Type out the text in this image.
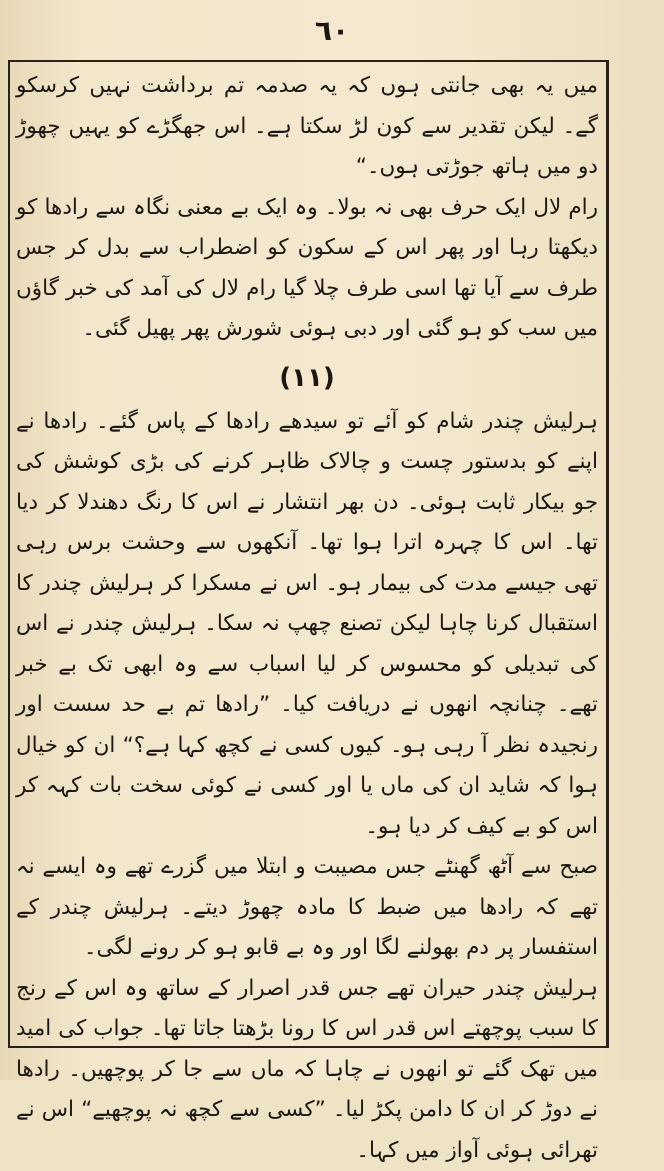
٦٠

میں یہ بھی جانتی ہوں کہ یہ صدمہ تم برداشت نہیں کرسکو گے۔ لیکن تقدیر سے کون لڑ سکتا ہے۔ اس جھگڑے کو یہیں چھوڑ دو میں ہاتھ جوڑتی ہوں۔“

رام لال ایک حرف بھی نہ بولا۔ وہ ایک بے معنی نگاہ سے رادھا کو دیکھتا رہا اور پھر اس کے سکون کو اضطراب سے بدل کر جس طرف سے آیا تھا اسی طرف چلا گیا رام لال کی آمد کی خبر گاؤں میں سب کو ہو گئی اور دبی ہوئی شورش پھر پھیل گئی۔

(۱۱)

ہرلیش چندر شام کو آئے تو سیدھے رادھا کے پاس گئے۔ رادھا نے اپنے کو بدستور چست و چالاک ظاہر کرنے کی بڑی کوشش کی جو بیکار ثابت ہوئی۔ دن بھر انتشار نے اس کا رنگ دھندلا کر دیا تھا۔ اس کا چہرہ اترا ہوا تھا۔ آنکھوں سے وحشت برس رہی تھی جیسے مدت کی بیمار ہو۔ اس نے مسکرا کر ہرلیش چندر کا استقبال کرنا چاہا لیکن تصنع چھپ نہ سکا۔ ہرلیش چندر نے اس کی تبدیلی کو محسوس کر لیا اسباب سے وہ ابھی تک بے خبر تھے۔ چنانچہ انھوں نے دریافت کیا۔ ”رادھا تم بے حد سست اور رنجیدہ نظر آ رہی ہو۔ کیوں کسی نے کچھ کہا ہے؟“ ان کو خیال ہوا کہ شاید ان کی ماں یا اور کسی نے کوئی سخت بات کہہ کر اس کو بے کیف کر دیا ہو۔

صبح سے آٹھ گھنٹے جس مصیبت و ابتلا میں گزرے تھے وہ ایسے نہ تھے کہ رادھا میں ضبط کا مادہ چھوڑ دیتے۔ ہرلیش چندر کے استفسار پر دم بھولنے لگا اور وہ بے قابو ہو کر رونے لگی۔

ہرلیش چندر حیران تھے جس قدر اصرار کے ساتھ وہ اس کے رنج کا سبب پوچھتے اس قدر اس کا رونا بڑھتا جاتا تھا۔ جواب کی امید میں تھک گئے تو انھوں نے چاہا کہ ماں سے جا کر پوچھیں۔ رادھا نے دوڑ کر ان کا دامن پکڑ لیا۔ ”کسی سے کچھ نہ پوچھیے“ اس نے تھرائی ہوئی آواز میں کہا۔
